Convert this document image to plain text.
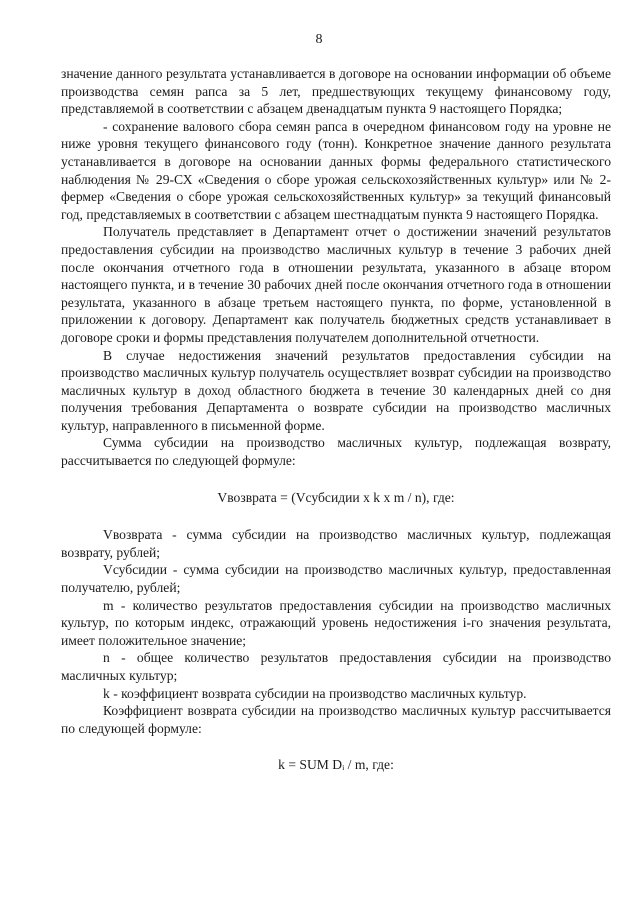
8

значение данного результата устанавливается в договоре на основании информации об объеме производства семян рапса за 5 лет, предшествующих текущему финансовому году, представляемой в соответствии с абзацем двенадцатым пункта 9 настоящего Порядка;

- сохранение валового сбора семян рапса в очередном финансовом году на уровне не ниже уровня текущего финансового году (тонн). Конкретное значение данного результата устанавливается в договоре на основании данных формы федерального статистического наблюдения № 29-СХ «Сведения о сборе урожая сельскохозяйственных культур» или № 2-фермер «Сведения о сборе урожая сельскохозяйственных культур» за текущий финансовый год, представляемых в соответствии с абзацем шестнадцатым пункта 9 настоящего Порядка.

Получатель представляет в Департамент отчет о достижении значений результатов предоставления субсидии на производство масличных культур в течение 3 рабочих дней после окончания отчетного года в отношении результата, указанного в абзаце втором настоящего пункта, и в течение 30 рабочих дней после окончания отчетного года в отношении результата, указанного в абзаце третьем настоящего пункта, по форме, установленной в приложении к договору. Департамент как получатель бюджетных средств устанавливает в договоре сроки и формы представления получателем дополнительной отчетности.

В случае недостижения значений результатов предоставления субсидии на производство масличных культур получатель осуществляет возврат субсидии на производство масличных культур в доход областного бюджета в течение 30 календарных дней со дня получения требования Департамента о возврате субсидии на производство масличных культур, направленного в письменной форме.

Сумма субсидии на производство масличных культур, подлежащая возврату, рассчитывается по следующей формуле:

Vвозврата = (Vсубсидии x k x m / n), где:

Vвозврата - сумма субсидии на производство масличных культур, подлежащая возврату, рублей;

Vсубсидии - сумма субсидии на производство масличных культур, предоставленная получателю, рублей;

m - количество результатов предоставления субсидии на производство масличных культур, по которым индекс, отражающий уровень недостижения i-го значения результата, имеет положительное значение;

n - общее количество результатов предоставления субсидии на производство масличных культур;

k - коэффициент возврата субсидии на производство масличных культур.

Коэффициент возврата субсидии на производство масличных культур рассчитывается по следующей формуле:

k = SUM Dᵢ / m, где:
